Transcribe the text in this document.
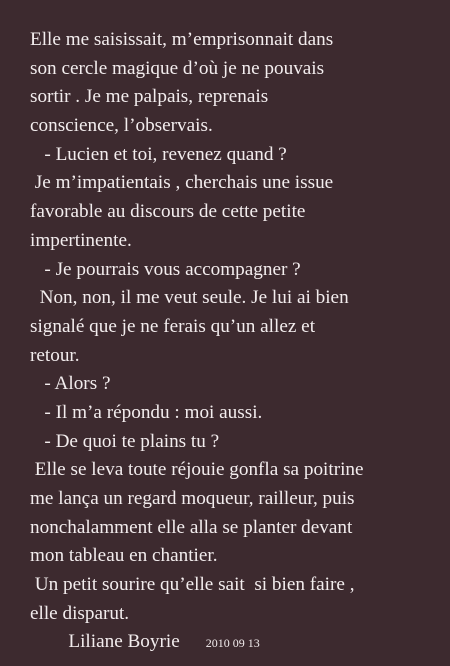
Elle me saisissait, m’emprisonnait dans
son cercle magique d’où je ne pouvais
sortir . Je me palpais, reprenais
conscience, l’observais.
- Lucien et toi, revenez quand ?
Je m’impatientais , cherchais une issue
favorable au discours de cette petite
impertinente.
- Je pourrais vous accompagner ?
Non, non, il me veut seule. Je lui ai bien
signalé que je ne ferais qu’un allez et
retour.
- Alors ?
- Il m’a répondu : moi aussi.
- De quoi te plains tu ?
Elle se leva toute réjouie gonfla sa poitrine
me lança un regard moqueur, railleur, puis
nonchalamment elle alla se planter devant
mon tableau en chantier.
Un petit sourire qu’elle sait  si bien faire ,
elle disparut.
Liliane Boyrie 2010 09 13
